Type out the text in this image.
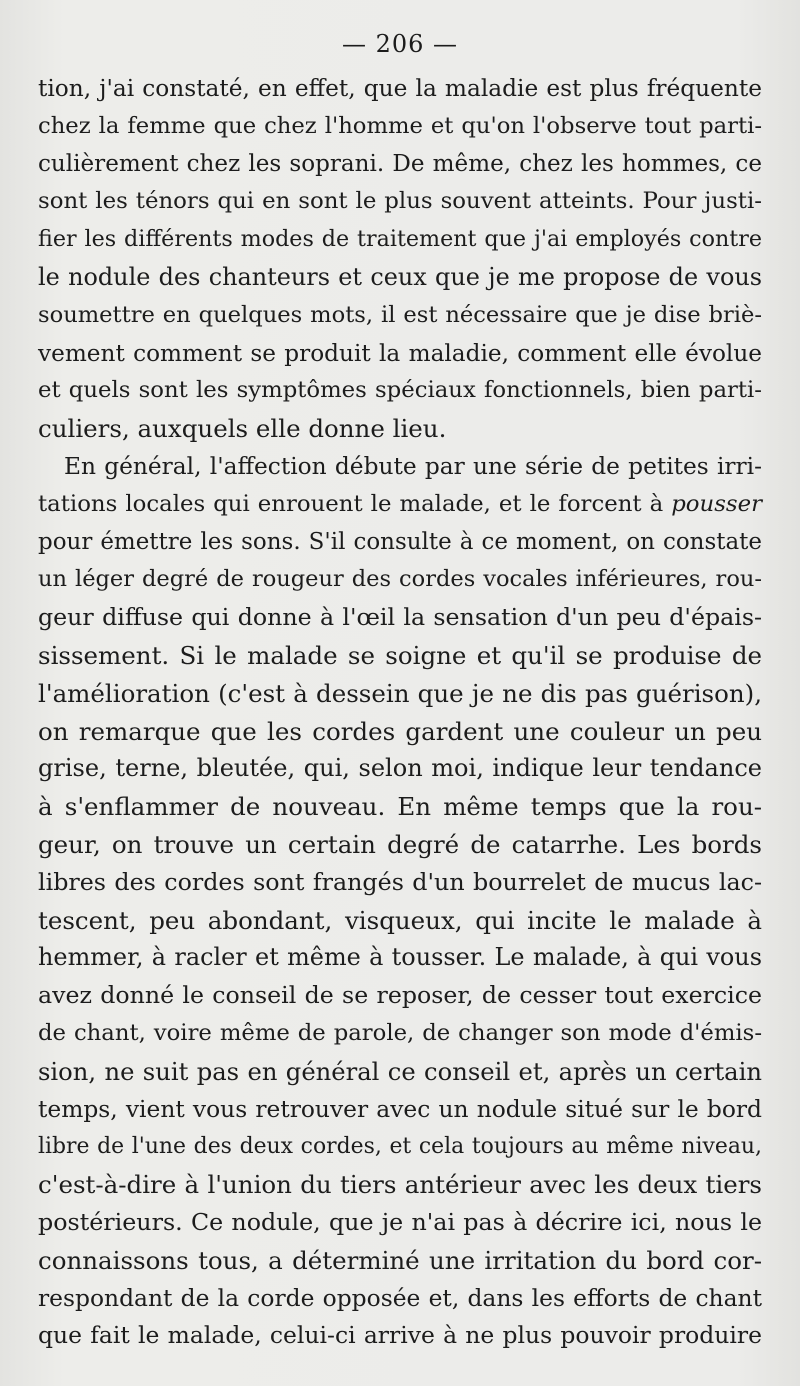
— 206 —
tion, j'ai constaté, en effet, que la maladie est plus fréquente
chez la femme que chez l'homme et qu'on l'observe tout parti-
culièrement chez les soprani. De même, chez les hommes, ce
sont les ténors qui en sont le plus souvent atteints. Pour justi-
fier les différents modes de traitement que j'ai employés contre
le nodule des chanteurs et ceux que je me propose de vous
soumettre en quelques mots, il est nécessaire que je dise briè-
vement comment se produit la maladie, comment elle évolue
et quels sont les symptômes spéciaux fonctionnels, bien parti-
culiers, auxquels elle donne lieu.
En général, l'affection débute par une série de petites irri-
tations locales qui enrouent le malade, et le forcent à pousser
pour émettre les sons. S'il consulte à ce moment, on constate
un léger degré de rougeur des cordes vocales inférieures, rou-
geur diffuse qui donne à l'œil la sensation d'un peu d'épais-
sissement. Si le malade se soigne et qu'il se produise de
l'amélioration (c'est à dessein que je ne dis pas guérison),
on remarque que les cordes gardent une couleur un peu
grise, terne, bleutée, qui, selon moi, indique leur tendance
à s'enflammer de nouveau. En même temps que la rou-
geur, on trouve un certain degré de catarrhe. Les bords
libres des cordes sont frangés d'un bourrelet de mucus lac-
tescent, peu abondant, visqueux, qui incite le malade à
hemmer, à racler et même à tousser. Le malade, à qui vous
avez donné le conseil de se reposer, de cesser tout exercice
de chant, voire même de parole, de changer son mode d'émis-
sion, ne suit pas en général ce conseil et, après un certain
temps, vient vous retrouver avec un nodule situé sur le bord
libre de l'une des deux cordes, et cela toujours au même niveau,
c'est-à-dire à l'union du tiers antérieur avec les deux tiers
postérieurs. Ce nodule, que je n'ai pas à décrire ici, nous le
connaissons tous, a déterminé une irritation du bord cor-
respondant de la corde opposée et, dans les efforts de chant
que fait le malade, celui-ci arrive à ne plus pouvoir produire
